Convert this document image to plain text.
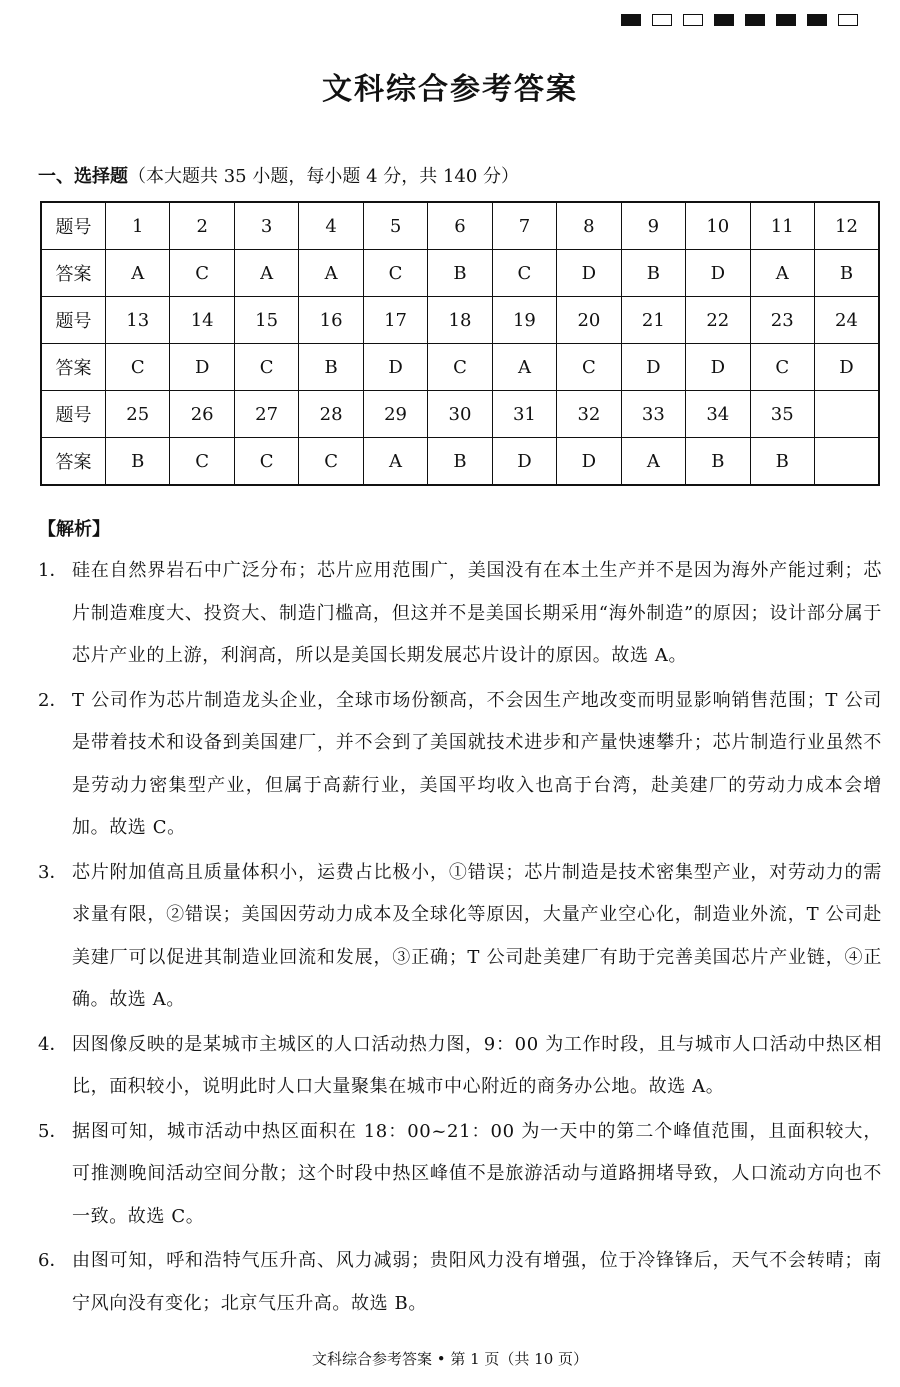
文科综合参考答案
一、选择题（本大题共 35 小题，每小题 4 分，共 140 分）
题号	1	2	3	4	5	6	7	8	9	10	11	12
答案	A	C	A	A	C	B	C	D	B	D	A	B
题号	13	14	15	16	17	18	19	20	21	22	23	24
答案	C	D	C	B	D	C	A	C	D	D	C	D
题号	25	26	27	28	29	30	31	32	33	34	35	
答案	B	C	C	C	A	B	D	D	A	B	B	
【解析】
1． 硅在自然界岩石中广泛分布；芯片应用范围广，美国没有在本土生产并不是因为海外产能过剩；芯片制造难度大、投资大、制造门槛高，但这并不是美国长期采用“海外制造”的原因；设计部分属于芯片产业的上游，利润高，所以是美国长期发展芯片设计的原因。故选 A。
2． T 公司作为芯片制造龙头企业，全球市场份额高，不会因生产地改变而明显影响销售范围；T 公司是带着技术和设备到美国建厂，并不会到了美国就技术进步和产量快速攀升；芯片制造行业虽然不是劳动力密集型产业，但属于高薪行业，美国平均收入也高于台湾，赴美建厂的劳动力成本会增加。故选 C。
3． 芯片附加值高且质量体积小，运费占比极小，①错误；芯片制造是技术密集型产业，对劳动力的需求量有限，②错误；美国因劳动力成本及全球化等原因，大量产业空心化，制造业外流，T 公司赴美建厂可以促进其制造业回流和发展，③正确；T 公司赴美建厂有助于完善美国芯片产业链，④正确。故选 A。
4． 因图像反映的是某城市主城区的人口活动热力图，9：00 为工作时段，且与城市人口活动中热区相比，面积较小，说明此时人口大量聚集在城市中心附近的商务办公地。故选 A。
5． 据图可知，城市活动中热区面积在 18：00~21：00 为一天中的第二个峰值范围，且面积较大，可推测晚间活动空间分散；这个时段中热区峰值不是旅游活动与道路拥堵导致，人口流动方向也不一致。故选 C。
6． 由图可知，呼和浩特气压升高、风力减弱；贵阳风力没有增强，位于冷锋锋后，天气不会转晴；南宁风向没有变化；北京气压升高。故选 B。
文科综合参考答案 • 第 1 页（共 10 页）
